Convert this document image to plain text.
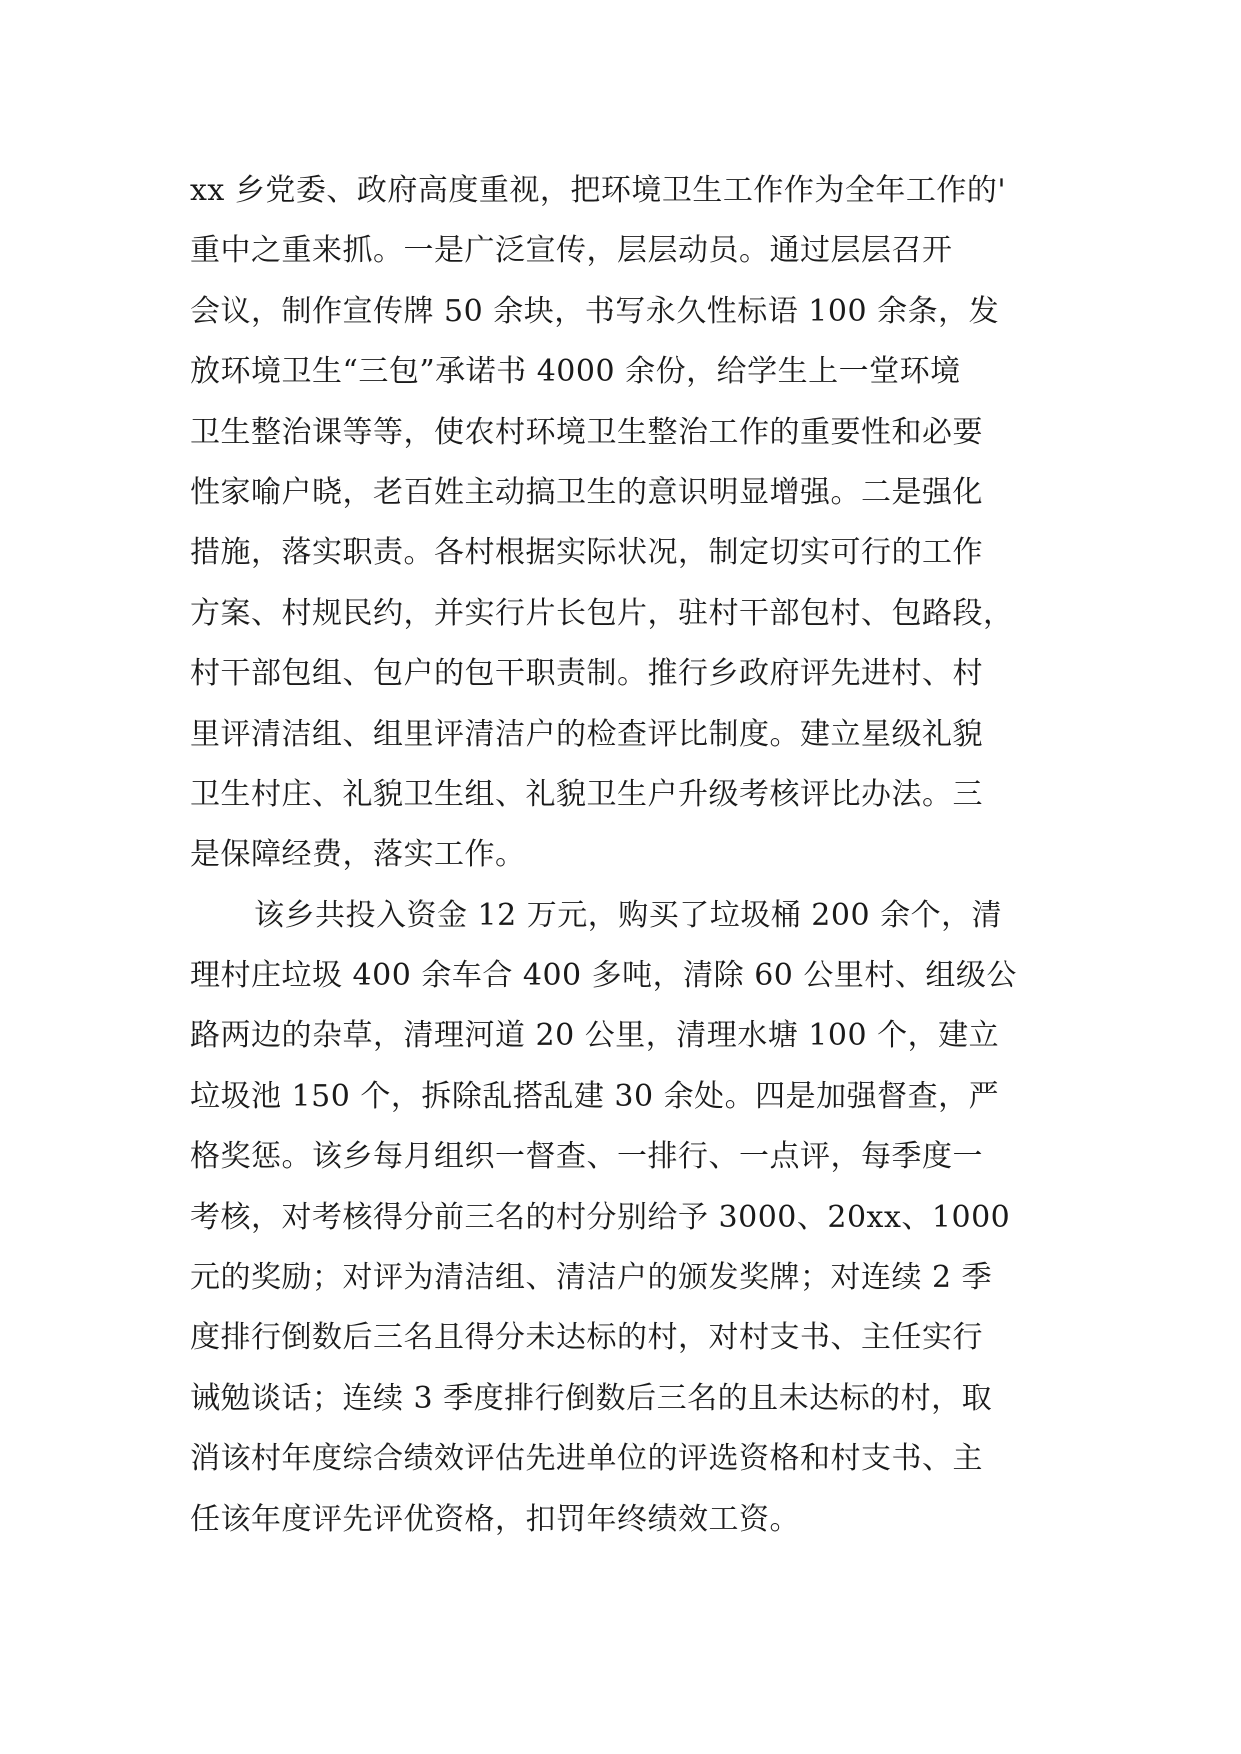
xx 乡党委、政府高度重视，把环境卫生工作作为全年工作的'
重中之重来抓。一是广泛宣传，层层动员。通过层层召开
会议，制作宣传牌 50 余块，书写永久性标语 100 余条，发
放环境卫生“三包”承诺书 4000 余份，给学生上一堂环境
卫生整治课等等，使农村环境卫生整治工作的重要性和必要
性家喻户晓，老百姓主动搞卫生的意识明显增强。二是强化
措施，落实职责。各村根据实际状况，制定切实可行的工作
方案、村规民约，并实行片长包片，驻村干部包村、包路段，
村干部包组、包户的包干职责制。推行乡政府评先进村、村
里评清洁组、组里评清洁户的检查评比制度。建立星级礼貌
卫生村庄、礼貌卫生组、礼貌卫生户升级考核评比办法。三
是保障经费，落实工作。
该乡共投入资金 12 万元，购买了垃圾桶 200 余个，清
理村庄垃圾 400 余车合 400 多吨，清除 60 公里村、组级公
路两边的杂草，清理河道 20 公里，清理水塘 100 个，建立
垃圾池 150 个，拆除乱搭乱建 30 余处。四是加强督查，严
格奖惩。该乡每月组织一督查、一排行、一点评，每季度一
考核，对考核得分前三名的村分别给予 3000、20xx、1000
元的奖励；对评为清洁组、清洁户的颁发奖牌；对连续 2 季
度排行倒数后三名且得分未达标的村，对村支书、主任实行
诫勉谈话；连续 3 季度排行倒数后三名的且未达标的村，取
消该村年度综合绩效评估先进单位的评选资格和村支书、主
任该年度评先评优资格，扣罚年终绩效工资。
